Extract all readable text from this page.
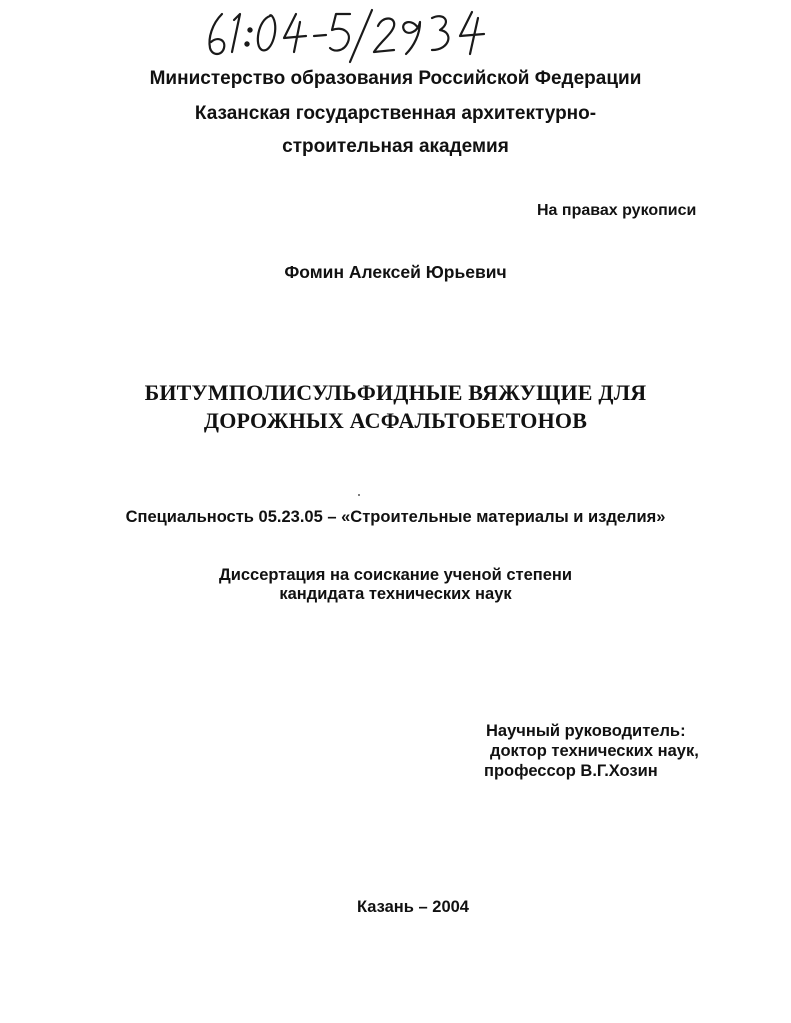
Министерство образования Российской Федерации
Казанская государственная архитектурно-
строительная академия
На правах рукописи
Фомин Алексей Юрьевич
БИТУМПОЛИСУЛЬФИДНЫЕ ВЯЖУЩИЕ ДЛЯ
ДОРОЖНЫХ АСФАЛЬТОБЕТОНОВ
Специальность 05.23.05 – «Строительные материалы и изделия»
Диссертация на соискание ученой степени
кандидата технических наук
Научный руководитель:
доктор технических наук,
профессор В.Г.Хозин
Казань – 2004
